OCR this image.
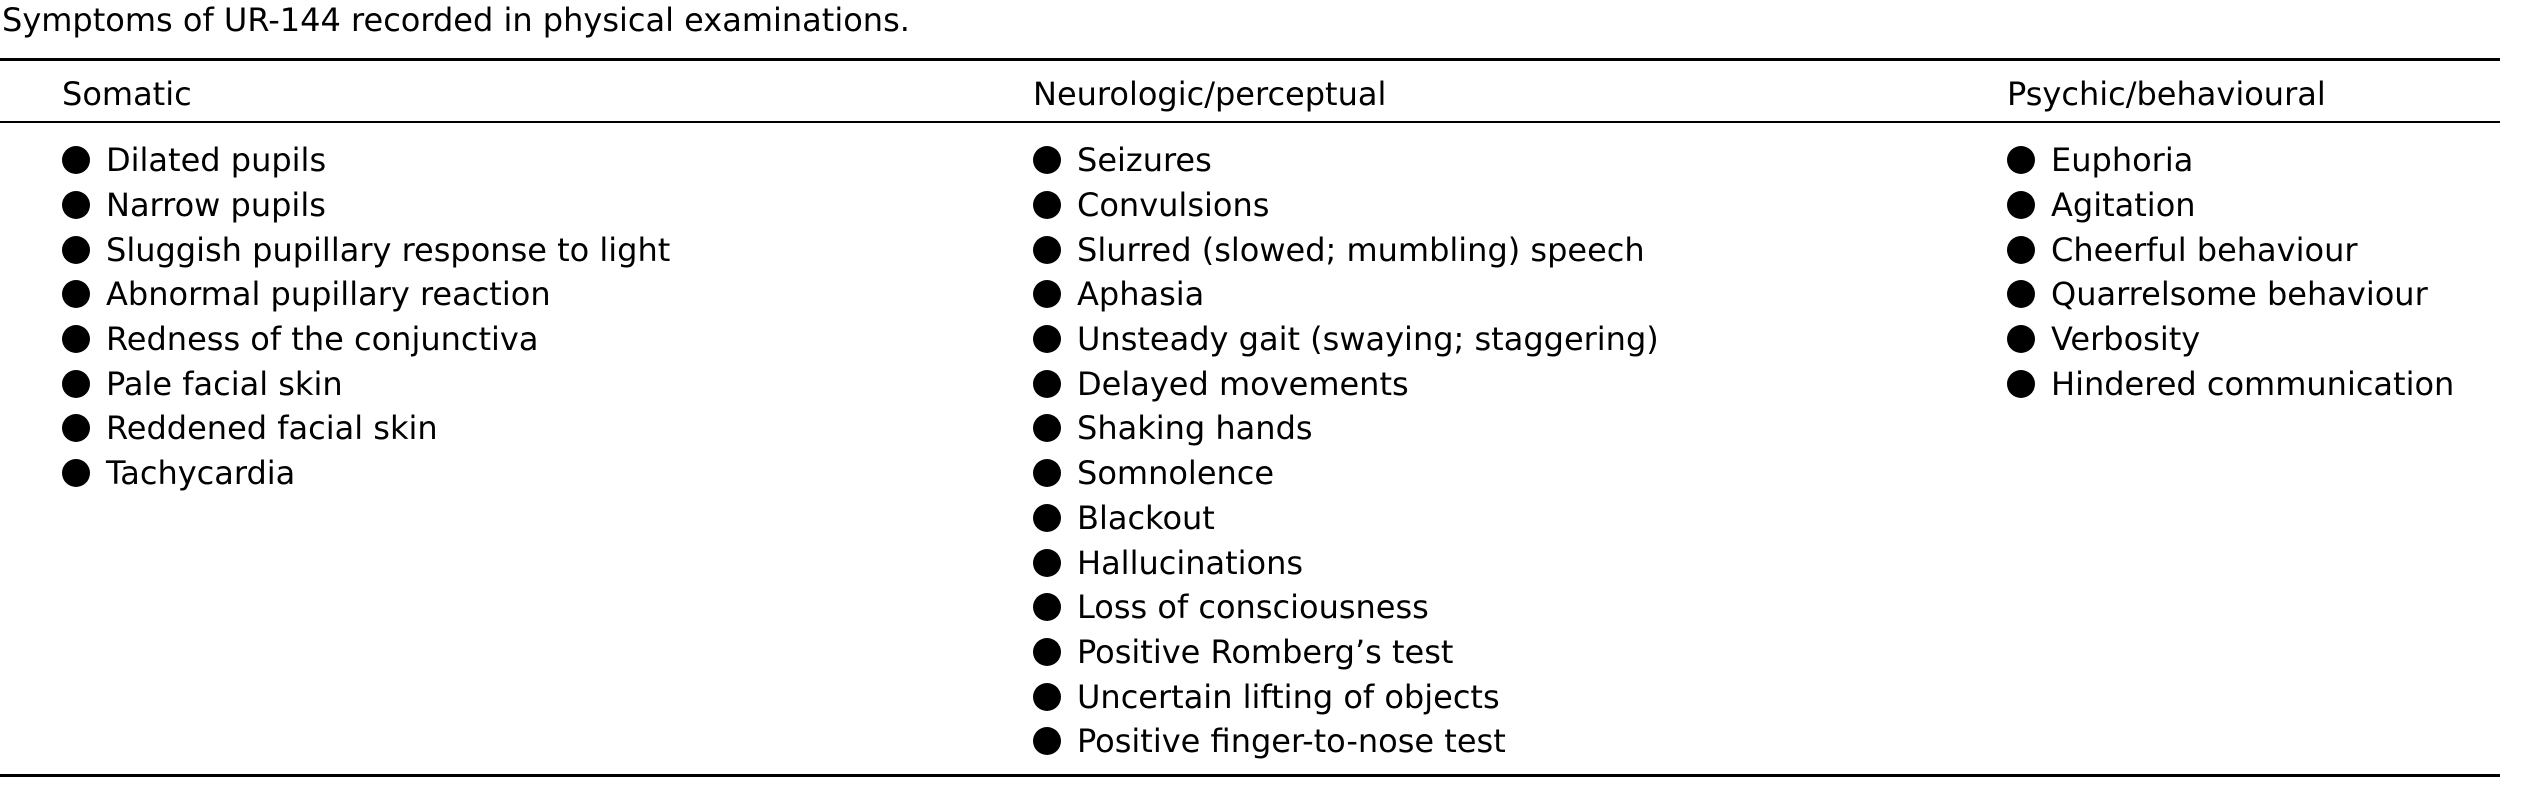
Symptoms of UR-144 recorded in physical examinations.
Somatic	Neurologic/perceptual	Psychic/behavioural
Dilated pupils
Narrow pupils
Sluggish pupillary response to light
Abnormal pupillary reaction
Redness of the conjunctiva
Pale facial skin
Reddened facial skin
Tachycardia
Seizures
Convulsions
Slurred (slowed; mumbling) speech
Aphasia
Unsteady gait (swaying; staggering)
Delayed movements
Shaking hands
Somnolence
Blackout
Hallucinations
Loss of consciousness
Positive Romberg’s test
Uncertain lifting of objects
Positive finger-to-nose test
Euphoria
Agitation
Cheerful behaviour
Quarrelsome behaviour
Verbosity
Hindered communication
